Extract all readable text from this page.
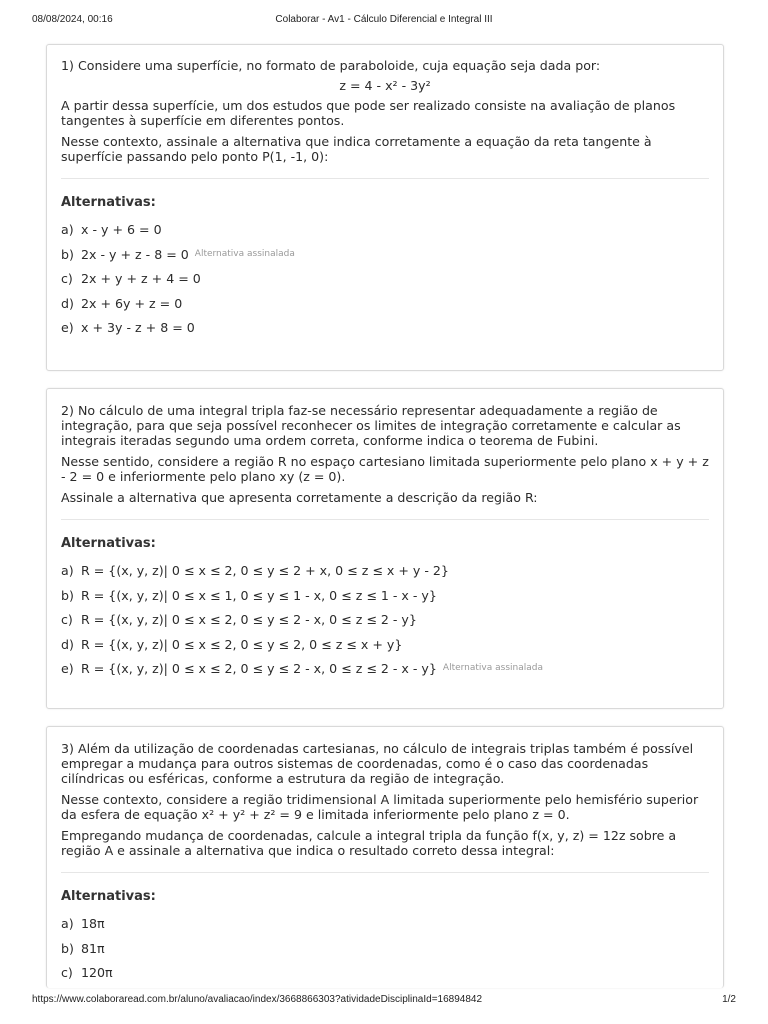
08/08/2024, 00:16	Colaborar - Av1 - Cálculo Diferencial e Integral III

1) Considere uma superfície, no formato de paraboloide, cuja equação seja dada por:

z = 4 - x² - 3y²

A partir dessa superfície, um dos estudos que pode ser realizado consiste na avaliação de planos tangentes à superfície em diferentes pontos.

Nesse contexto, assinale a alternativa que indica corretamente a equação da reta tangente à superfície passando pelo ponto P(1, -1, 0):

Alternativas:
a) x - y + 6 = 0
b) 2x - y + z - 8 = 0 $^{Alternativa assinalada}$
c) 2x + y + z + 4 = 0
d) 2x + 6y + z = 0
e) x + 3y - z + 8 = 0

2) No cálculo de uma integral tripla faz-se necessário representar adequadamente a região de integração, para que seja possível reconhecer os limites de integração corretamente e calcular as integrais iteradas segundo uma ordem correta, conforme indica o teorema de Fubini.

Nesse sentido, considere a região R no espaço cartesiano limitada superiormente pelo plano x + y + z - 2 = 0 e inferiormente pelo plano xy (z = 0).

Assinale a alternativa que apresenta corretamente a descrição da região R:

Alternativas:
a) R = {(x, y, z)| 0 ≤ x ≤ 2, 0 ≤ y ≤ 2 + x, 0 ≤ z ≤ x + y - 2}
b) R = {(x, y, z)| 0 ≤ x ≤ 1, 0 ≤ y ≤ 1 - x, 0 ≤ z ≤ 1 - x - y}
c) R = {(x, y, z)| 0 ≤ x ≤ 2, 0 ≤ y ≤ 2 - x, 0 ≤ z ≤ 2 - y}
d) R = {(x, y, z)| 0 ≤ x ≤ 2, 0 ≤ y ≤ 2, 0 ≤ z ≤ x + y}
e) R = {(x, y, z)| 0 ≤ x ≤ 2, 0 ≤ y ≤ 2 - x, 0 ≤ z ≤ 2 - x - y} $^{Alternativa assinalada}$

3) Além da utilização de coordenadas cartesianas, no cálculo de integrais triplas também é possível empregar a mudança para outros sistemas de coordenadas, como é o caso das coordenadas cilíndricas ou esféricas, conforme a estrutura da região de integração.

Nesse contexto, considere a região tridimensional A limitada superiormente pelo hemisfério superior da esfera de equação x² + y² + z² = 9 e limitada inferiormente pelo plano z = 0.

Empregando mudança de coordenadas, calcule a integral tripla da função f(x, y, z) = 12z sobre a região A e assinale a alternativa que indica o resultado correto dessa integral:

Alternativas:
a) 18π
b) 81π
c) 120π
https://www.colaboraread.com.br/aluno/avaliacao/index/3668866303?atividadeDisciplinaId=16894842	1/2
